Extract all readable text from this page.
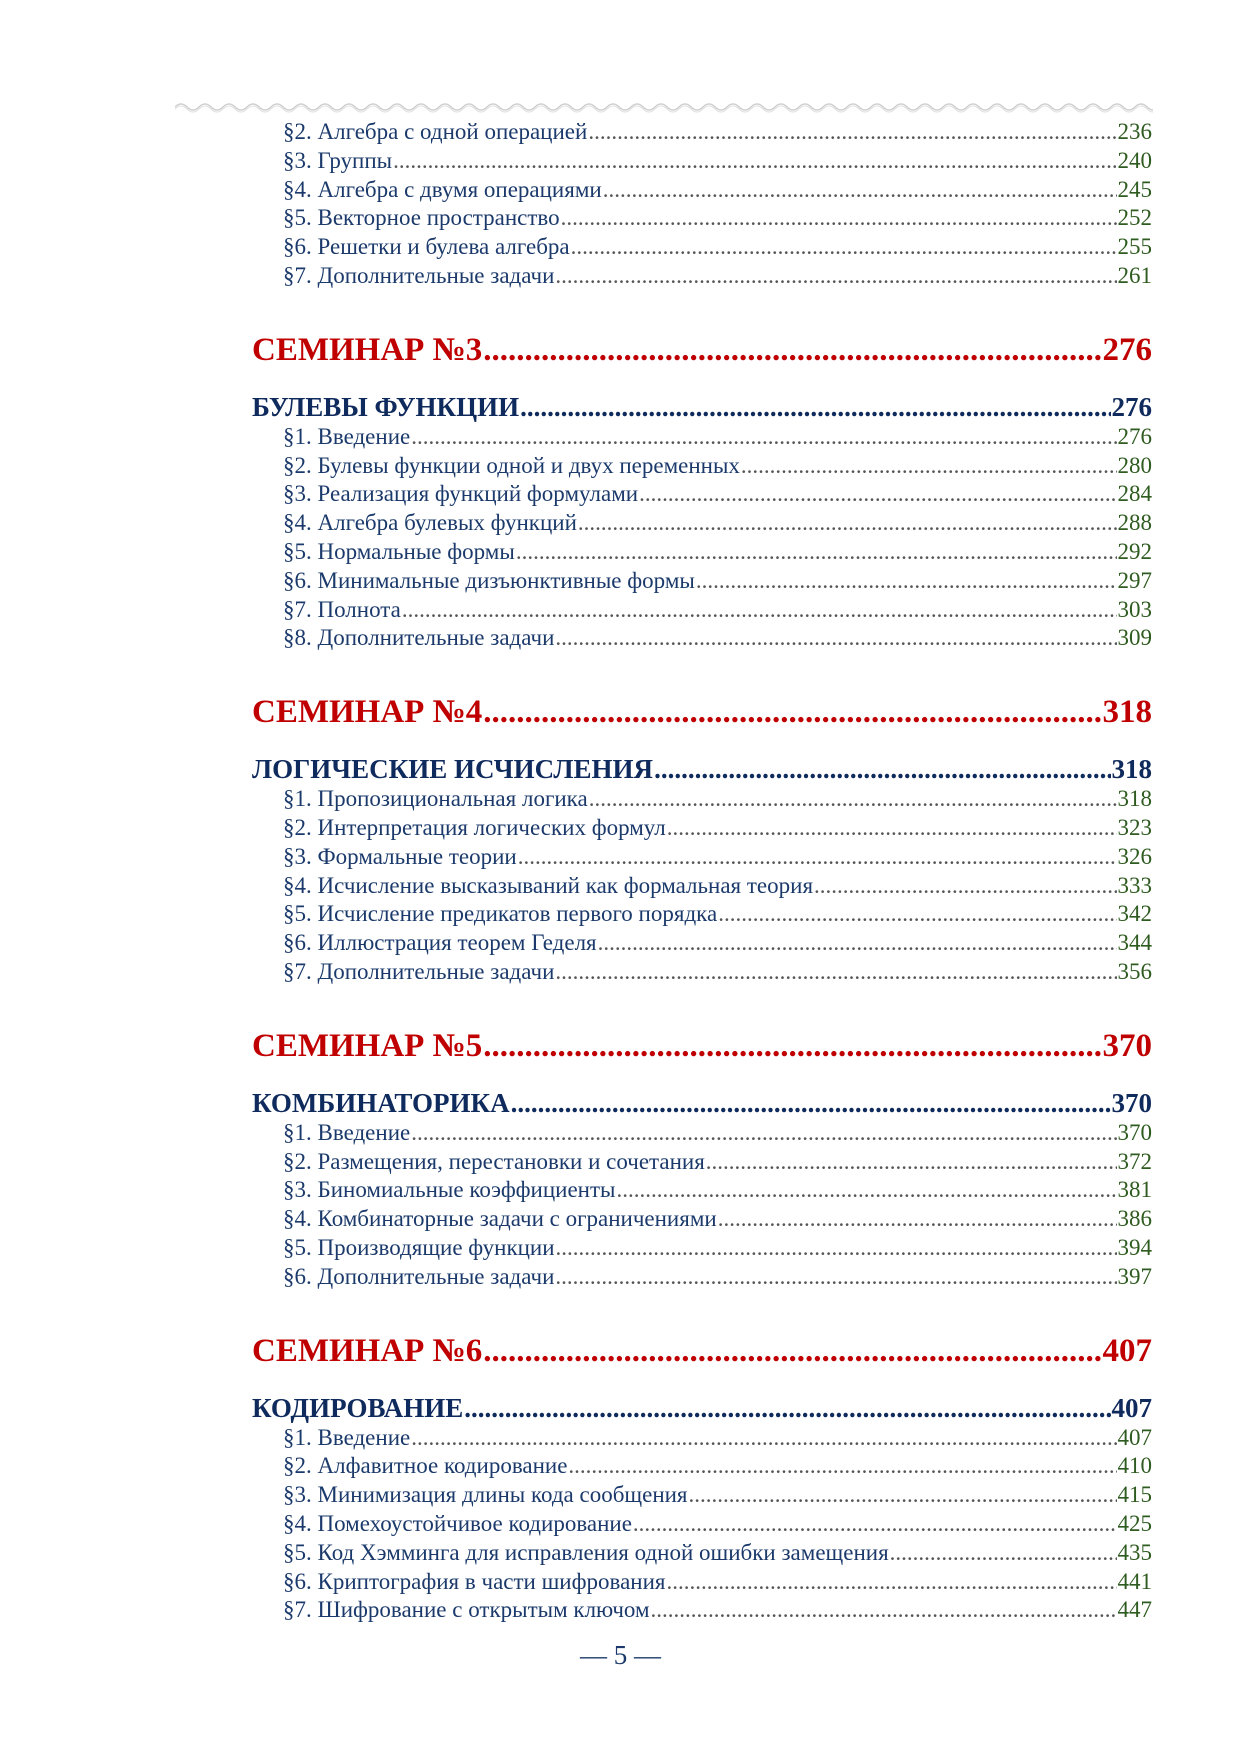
§2. Алгебра с одной операцией .....	236
§3. Группы .....	240
§4. Алгебра с двумя операциями .....	245
§5. Векторное пространство .....	252
§6. Решетки и булева алгебра .....	255
§7. Дополнительные задачи .....	261
СЕМИНАР №3 .....	276
БУЛЕВЫ ФУНКЦИИ .....	276
§1. Введение .....	276
§2. Булевы функции одной и двух переменных .....	280
§3. Реализация функций формулами .....	284
§4. Алгебра булевых функций .....	288
§5. Нормальные формы .....	292
§6. Минимальные дизъюнктивные формы .....	297
§7. Полнота .....	303
§8. Дополнительные задачи .....	309
СЕМИНАР №4 .....	318
ЛОГИЧЕСКИЕ ИСЧИСЛЕНИЯ .....	318
§1. Пропозициональная логика .....	318
§2. Интерпретация логических формул .....	323
§3. Формальные теории .....	326
§4. Исчисление высказываний как формальная теория .....	333
§5. Исчисление предикатов первого порядка .....	342
§6. Иллюстрация теорем Геделя .....	344
§7. Дополнительные задачи .....	356
СЕМИНАР №5 .....	370
КОМБИНАТОРИКА .....	370
§1. Введение .....	370
§2. Размещения, перестановки и сочетания .....	372
§3. Биномиальные коэффициенты .....	381
§4. Комбинаторные задачи с ограничениями .....	386
§5. Производящие функции .....	394
§6. Дополнительные задачи .....	397
СЕМИНАР №6 .....	407
КОДИРОВАНИЕ .....	407
§1. Введение .....	407
§2. Алфавитное кодирование .....	410
§3. Минимизация длины кода сообщения .....	415
§4. Помехоустойчивое кодирование .....	425
§5. Код Хэмминга для исправления одной ошибки замещения .....	435
§6. Криптография в части шифрования .....	441
§7. Шифрование с открытым ключом .....	447
— 5 —
